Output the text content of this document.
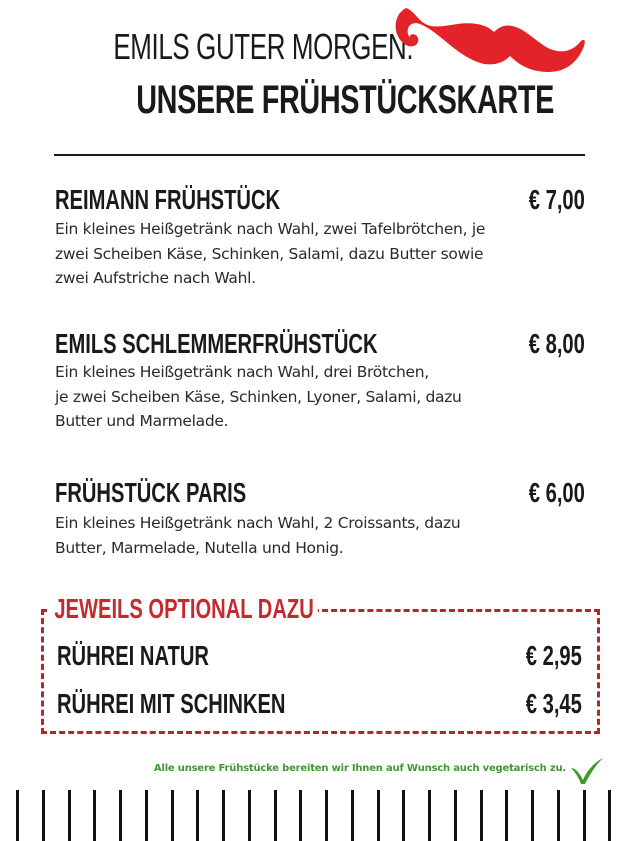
EMILS GUTER MORGEN:
UNSERE FRÜHSTÜCKSKARTE
REIMANN FRÜHSTÜCK	€ 7,00
Ein kleines Heißgetränk nach Wahl, zwei Tafelbrötchen, je
zwei Scheiben Käse, Schinken, Salami, dazu Butter sowie
zwei Aufstriche nach Wahl.
EMILS SCHLEMMERFRÜHSTÜCK	€ 8,00
Ein kleines Heißgetränk nach Wahl, drei Brötchen,
je zwei Scheiben Käse, Schinken, Lyoner, Salami, dazu
Butter und Marmelade.
FRÜHSTÜCK PARIS	€ 6,00
Ein kleines Heißgetränk nach Wahl, 2 Croissants, dazu
Butter, Marmelade, Nutella und Honig.
JEWEILS OPTIONAL DAZU
RÜHREI NATUR	€ 2,95
RÜHREI MIT SCHINKEN	€ 3,45
Alle unsere Frühstücke bereiten wir Ihnen auf Wunsch auch vegetarisch zu.
